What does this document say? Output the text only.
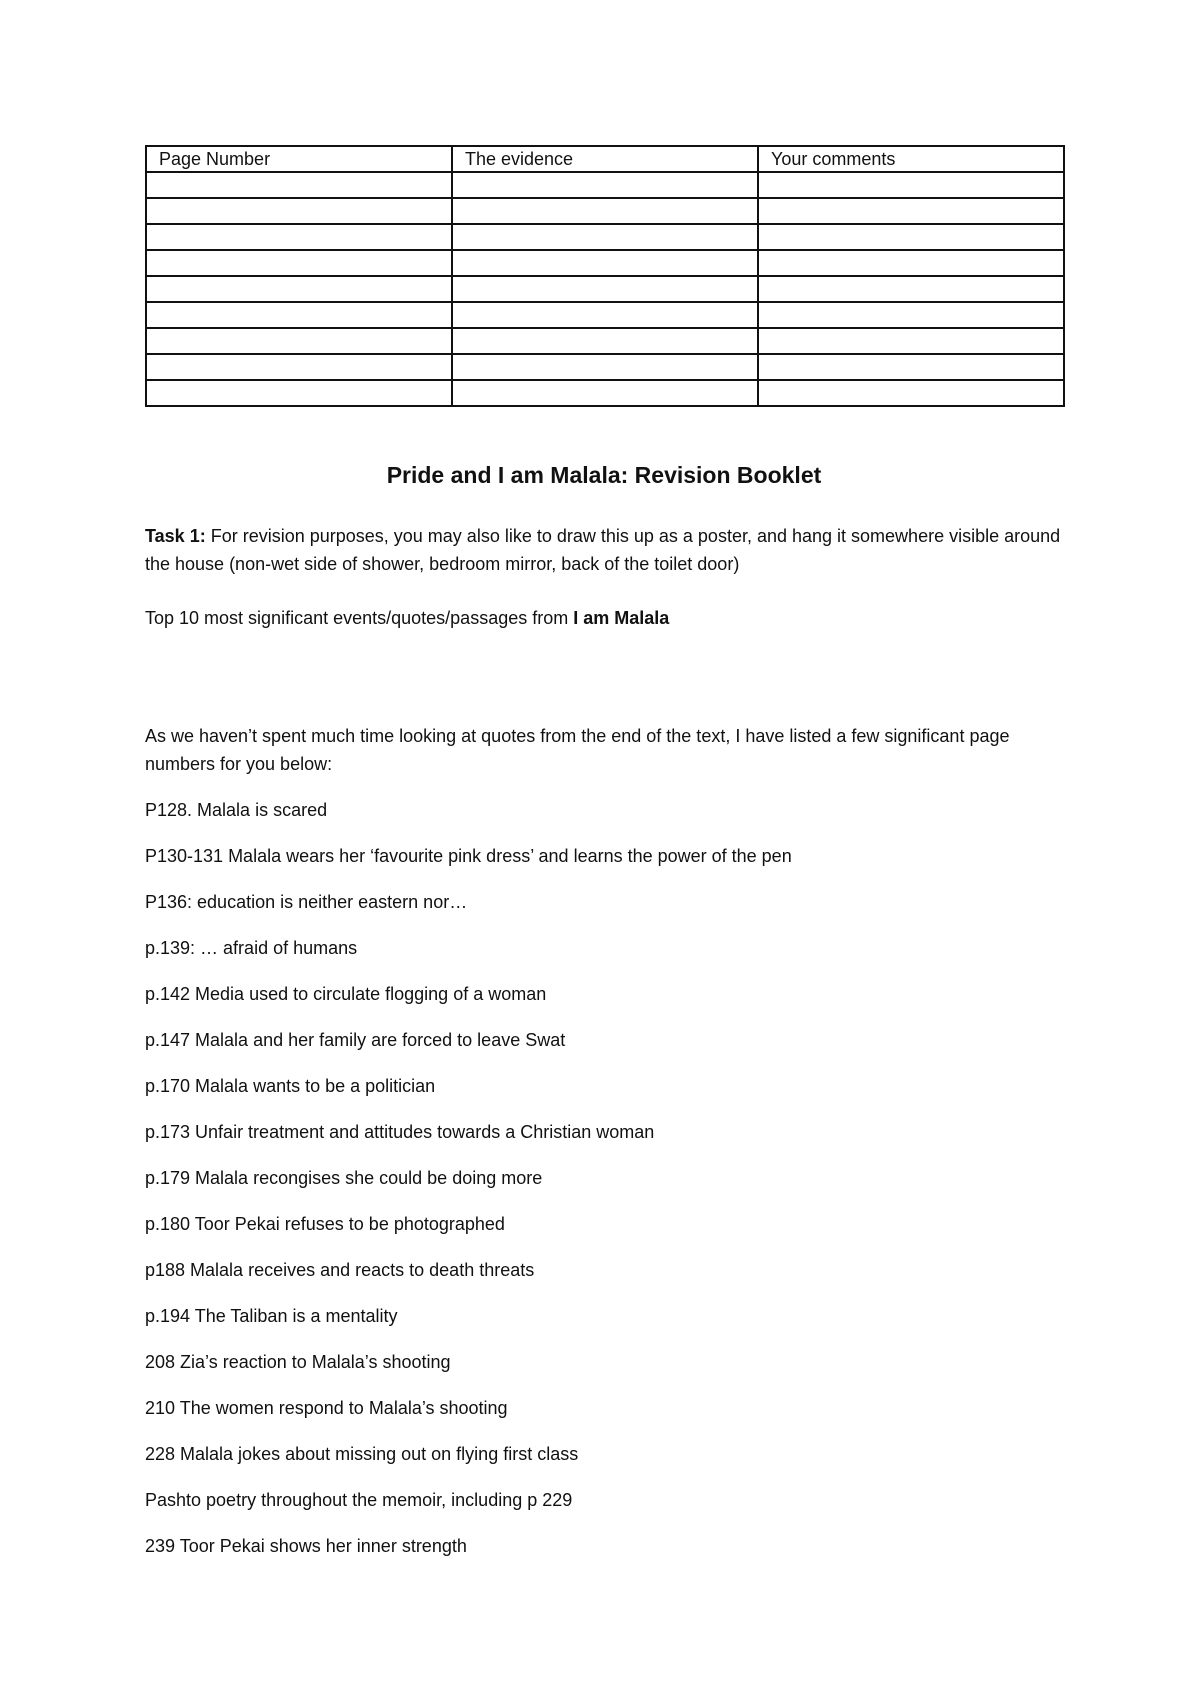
Page Number	The evidence	Your comments

Pride and I am Malala: Revision Booklet
Task 1: For revision purposes, you may also like to draw this up as a poster, and hang it somewhere visible around the house (non-wet side of shower, bedroom mirror, back of the toilet door)
Top 10 most significant events/quotes/passages from I am Malala
As we haven’t spent much time looking at quotes from the end of the text, I have listed a few significant page numbers for you below:
P128. Malala is scared
P130-131 Malala wears her ‘favourite pink dress’ and learns the power of the pen
P136: education is neither eastern nor…
p.139: … afraid of humans
p.142 Media used to circulate flogging of a woman
p.147 Malala and her family are forced to leave Swat
p.170 Malala wants to be a politician
p.173 Unfair treatment and attitudes towards a Christian woman
p.179 Malala recongises she could be doing more
p.180 Toor Pekai refuses to be photographed
p188 Malala receives and reacts to death threats
p.194 The Taliban is a mentality
208 Zia’s reaction to Malala’s shooting
210 The women respond to Malala’s shooting
228 Malala jokes about missing out on flying first class
Pashto poetry throughout the memoir, including p 229
239 Toor Pekai shows her inner strength
